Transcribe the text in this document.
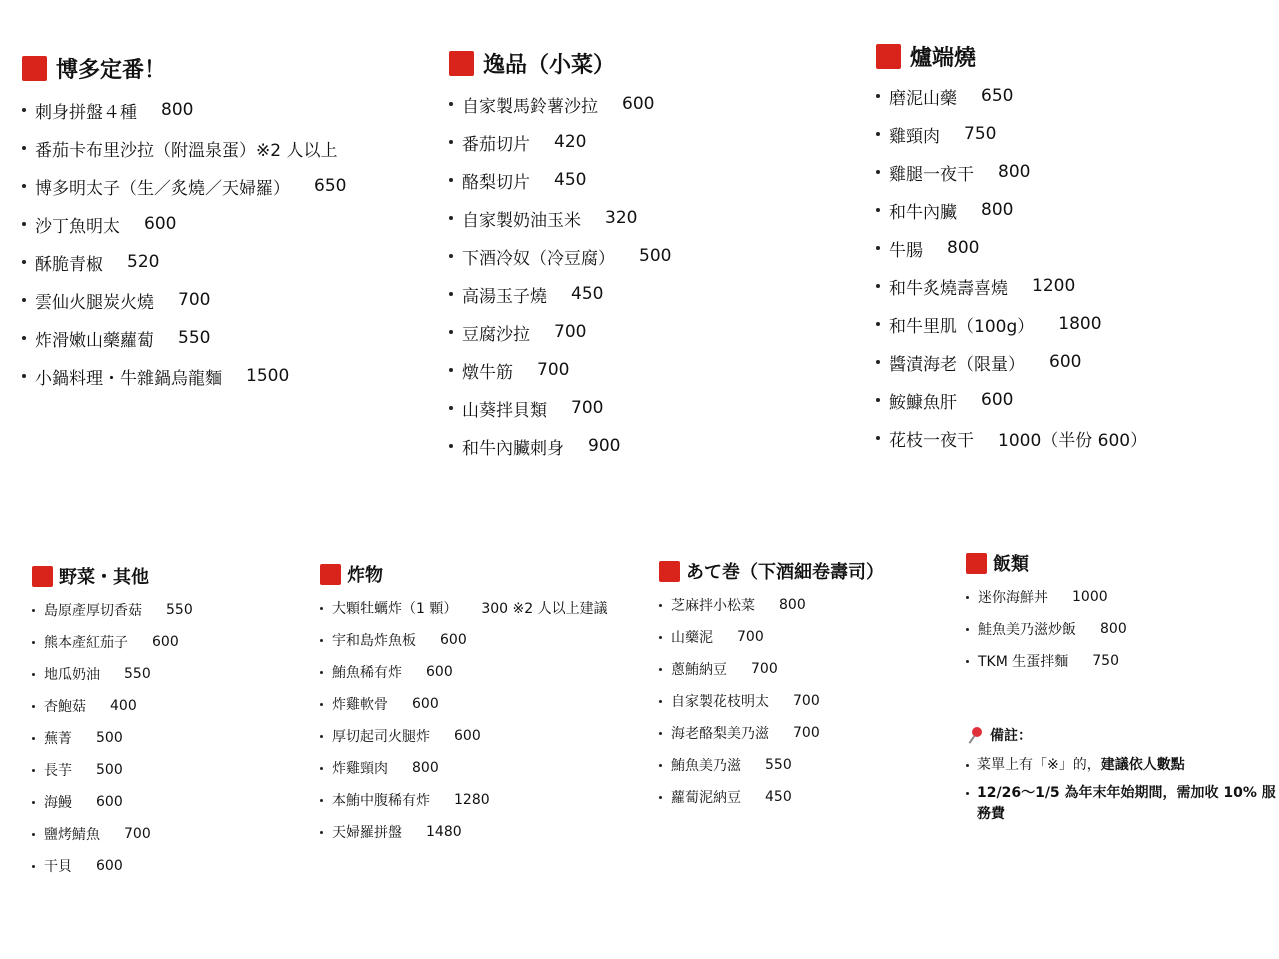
博多定番！
刺身拼盤４種 800
番茄卡布里沙拉（附溫泉蛋）※2 人以上
博多明太子（生／炙燒／天婦羅） 650
沙丁魚明太 600
酥脆青椒 520
雲仙火腿炭火燒 700
炸滑嫩山藥蘿蔔 550
小鍋料理・牛雜鍋烏龍麵 1500
逸品（小菜）
自家製馬鈴薯沙拉 600
番茄切片 420
酪梨切片 450
自家製奶油玉米 320
下酒冷奴（冷豆腐） 500
高湯玉子燒 450
豆腐沙拉 700
燉牛筋 700
山葵拌貝類 700
和牛內臟刺身 900
爐端燒
磨泥山藥 650
雞頸肉 750
雞腿一夜干 800
和牛內臟 800
牛腸 800
和牛炙燒壽喜燒 1200
和牛里肌（100g） 1800
醬漬海老（限量） 600
鮟鱇魚肝 600
花枝一夜干 1000（半份 600）
野菜・其他
島原產厚切香菇 550
熊本產紅茄子 600
地瓜奶油 550
杏鮑菇 400
蕪菁 500
長芋 500
海鰻 600
鹽烤鯖魚 700
干貝 600
炸物
大顆牡蠣炸（1 顆） 300 ※2 人以上建議
宇和島炸魚板 600
鮪魚稀有炸 600
炸雞軟骨 600
厚切起司火腿炸 600
炸雞頸肉 800
本鮪中腹稀有炸 1280
天婦羅拼盤 1480
あて巻（下酒細卷壽司）
芝麻拌小松菜 800
山藥泥 700
蔥鮪納豆 700
自家製花枝明太 700
海老酪梨美乃滋 700
鮪魚美乃滋 550
蘿蔔泥納豆 450
飯類
迷你海鮮丼 1000
鮭魚美乃滋炒飯 800
TKM 生蛋拌麵 750
備註：
菜單上有「※」的，建議依人數點
12/26～1/5 為年末年始期間，需加收 10% 服務費
